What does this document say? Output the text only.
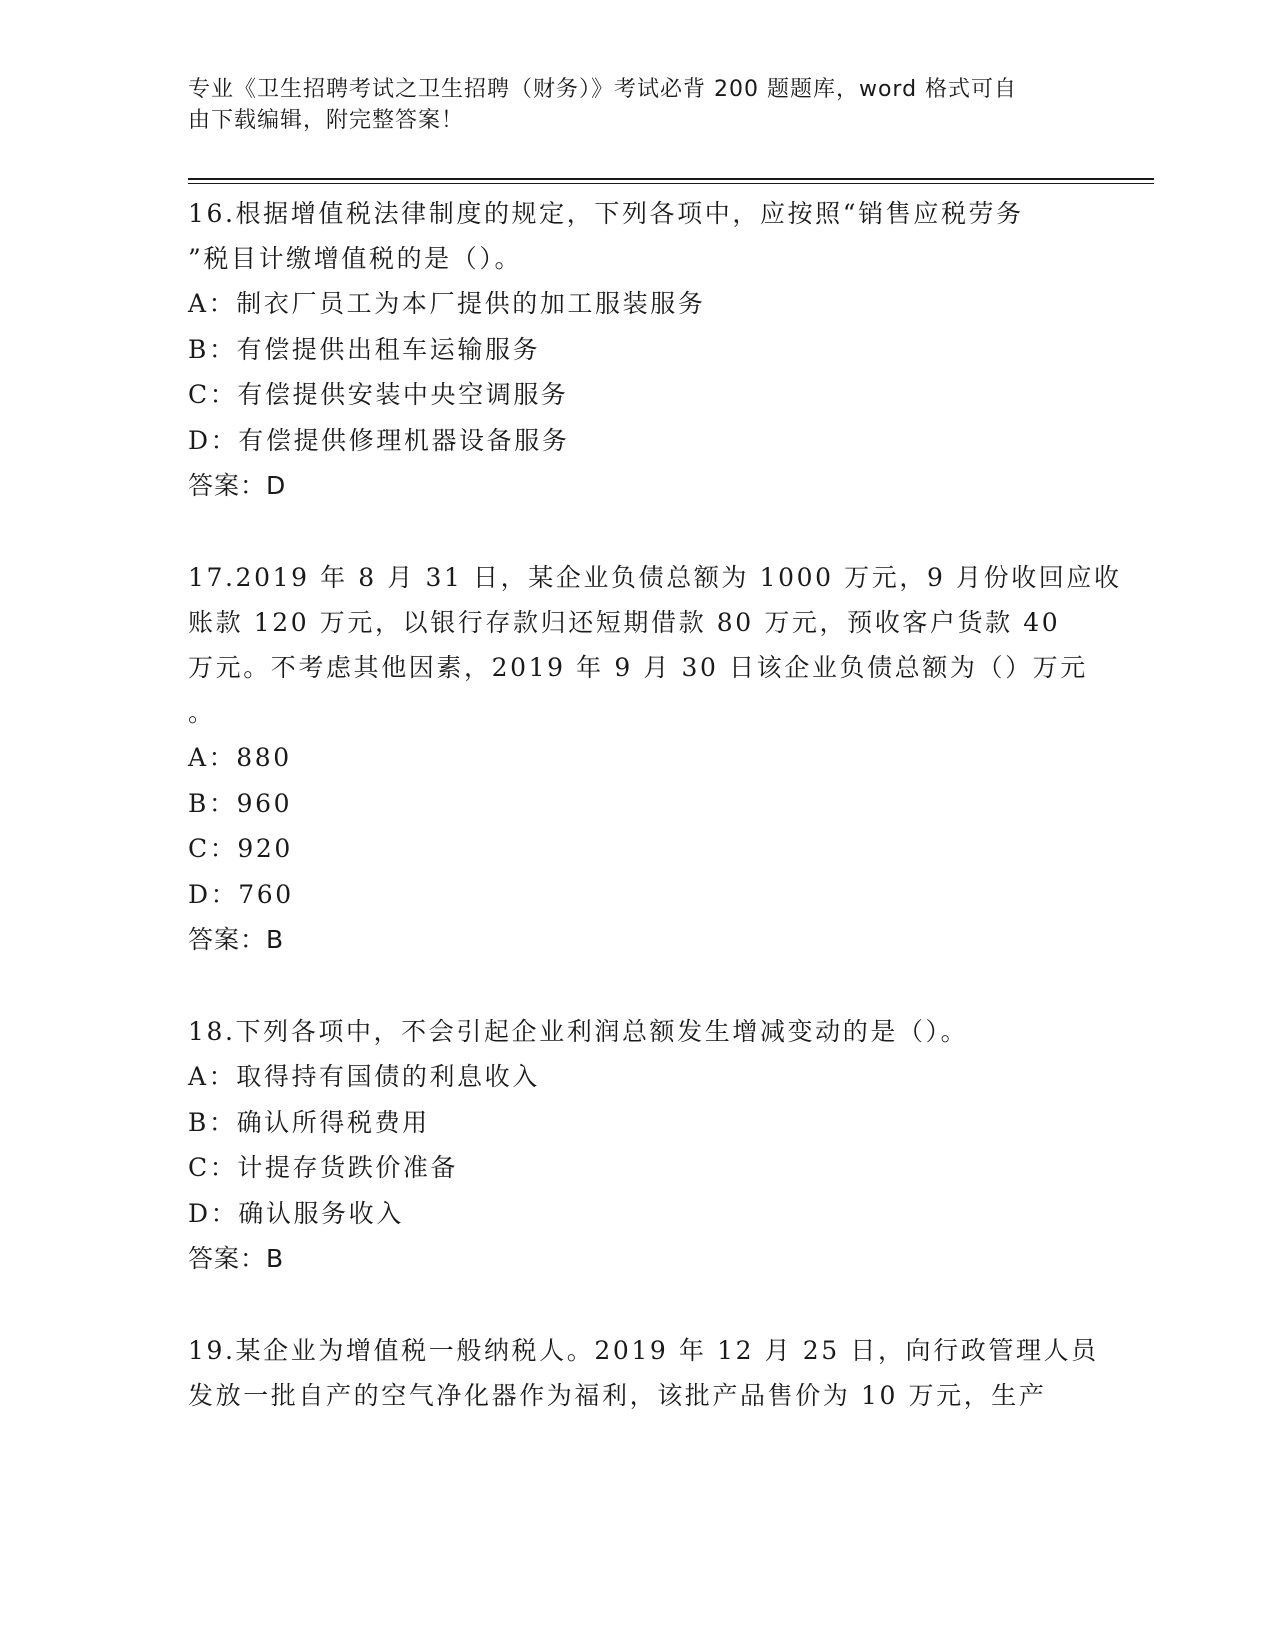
专业《卫生招聘考试之卫生招聘（财务）》考试必背 200 题题库，word 格式可自
由下载编辑，附完整答案！
16.根据增值税法律制度的规定，下列各项中，应按照“销售应税劳务
”税目计缴增值税的是（）。
A：制衣厂员工为本厂提供的加工服装服务
B：有偿提供出租车运输服务
C：有偿提供安装中央空调服务
D：有偿提供修理机器设备服务
答案：D
17.2019 年 8 月 31 日，某企业负债总额为 1000 万元，9 月份收回应收
账款 120 万元，以银行存款归还短期借款 80 万元，预收客户货款 40
万元。不考虑其他因素，2019 年 9 月 30 日该企业负债总额为（）万元
。
A：880
B：960
C：920
D：760
答案：B
18.下列各项中，不会引起企业利润总额发生增减变动的是（）。
A：取得持有国债的利息收入
B：确认所得税费用
C：计提存货跌价准备
D：确认服务收入
答案：B
19.某企业为增值税一般纳税人。2019 年 12 月 25 日，向行政管理人员
发放一批自产的空气净化器作为福利，该批产品售价为 10 万元，生产
